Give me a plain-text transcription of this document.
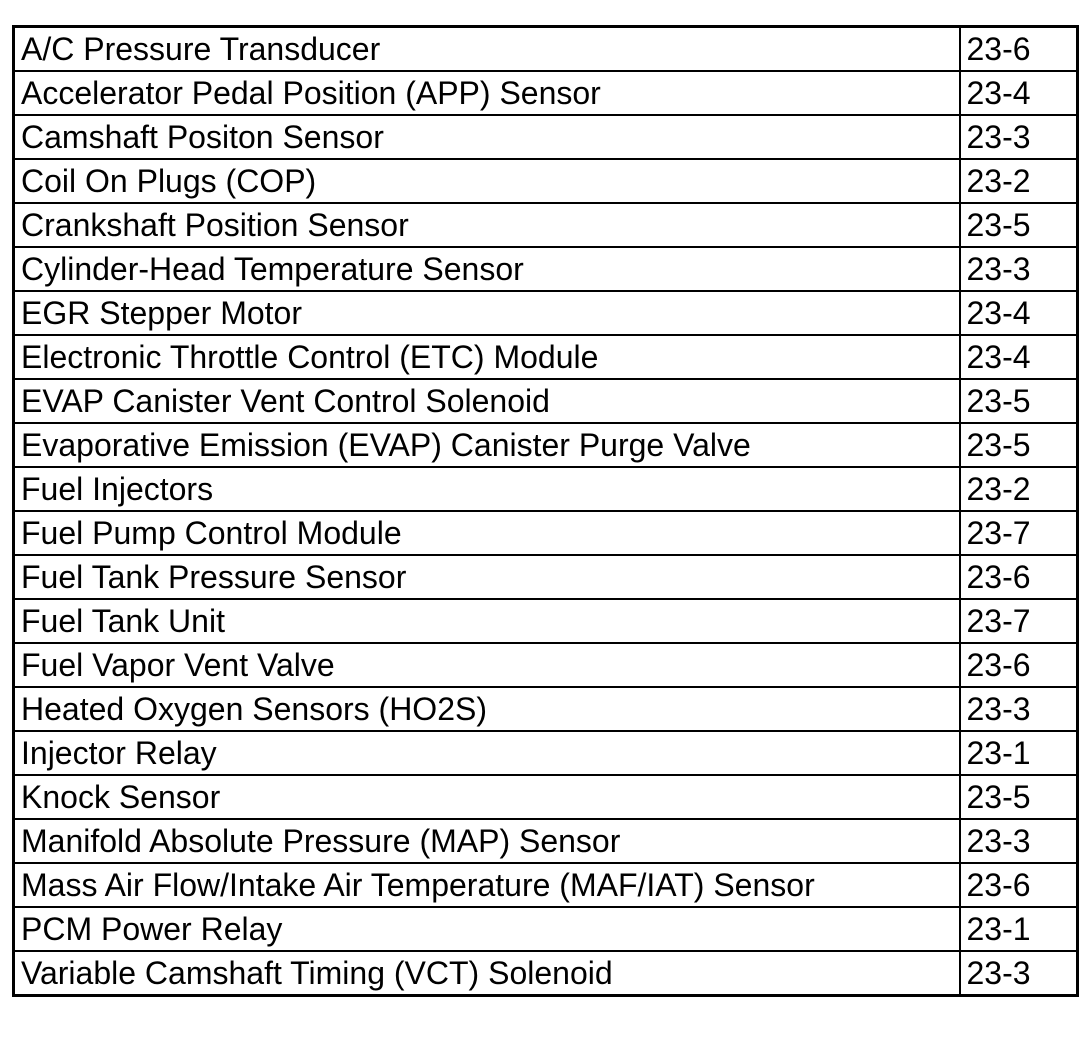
A/C Pressure Transducer	23-6
Accelerator Pedal Position (APP) Sensor	23-4
Camshaft Positon Sensor	23-3
Coil On Plugs (COP)	23-2
Crankshaft Position Sensor	23-5
Cylinder-Head Temperature Sensor	23-3
EGR Stepper Motor	23-4
Electronic Throttle Control (ETC) Module	23-4
EVAP Canister Vent Control Solenoid	23-5
Evaporative Emission (EVAP) Canister Purge Valve	23-5
Fuel Injectors	23-2
Fuel Pump Control Module	23-7
Fuel Tank Pressure Sensor	23-6
Fuel Tank Unit	23-7
Fuel Vapor Vent Valve	23-6
Heated Oxygen Sensors (HO2S)	23-3
Injector Relay	23-1
Knock Sensor	23-5
Manifold Absolute Pressure (MAP) Sensor	23-3
Mass Air Flow/Intake Air Temperature (MAF/IAT) Sensor	23-6
PCM Power Relay	23-1
Variable Camshaft Timing (VCT) Solenoid	23-3
